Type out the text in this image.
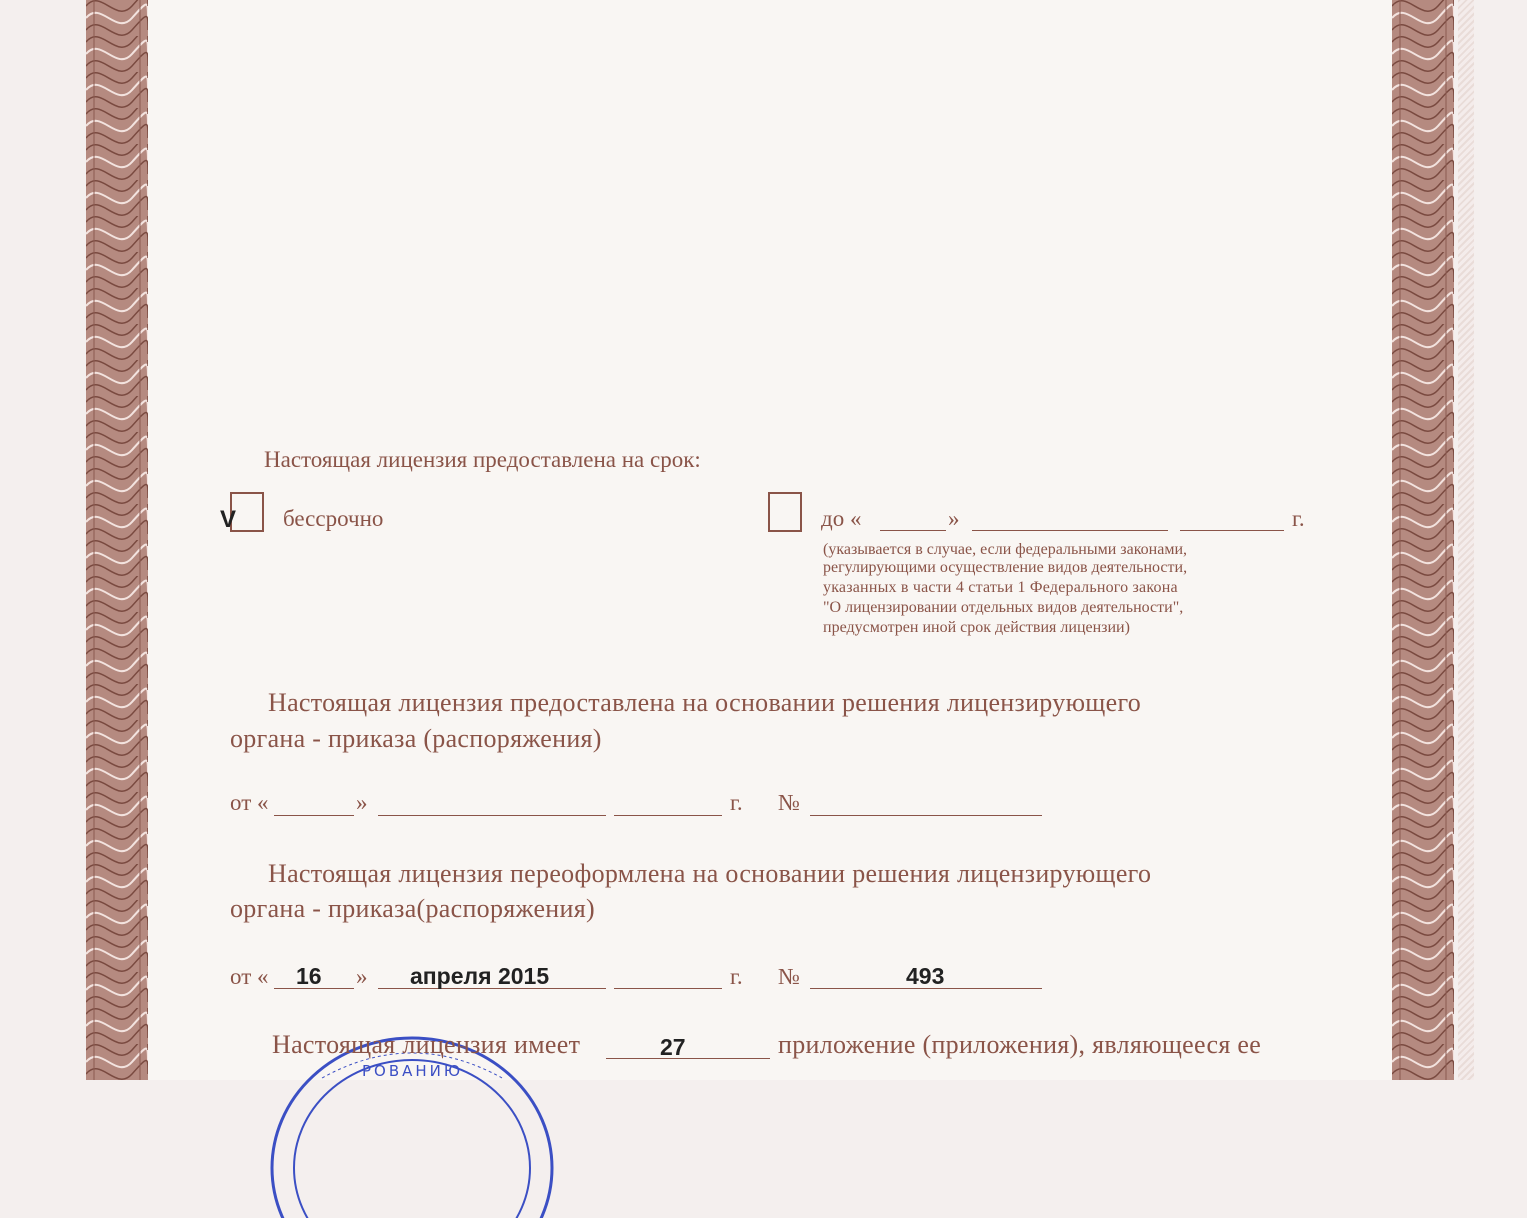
Настоящая лицензия предоставлена на срок:
V бессрочно	до «	»	г.
(указывается в случае, если федеральными законами,
регулирующими осуществление видов деятельности,
указанных в части 4 статьи 1 Федерального закона
"О лицензировании отдельных видов деятельности",
предусмотрен иной срок действия лицензии)
Настоящая лицензия предоставлена на основании решения лицензирующего
органа - приказа (распоряжения)
от «	»	г. №
Настоящая лицензия переоформлена на основании решения лицензирующего
органа - приказа(распоряжения)
от « 16 » апреля 2015	г. №	493
РОВАНИЮ
Настоящая лицензия имеет	27	приложение (приложения), являющееся ее
